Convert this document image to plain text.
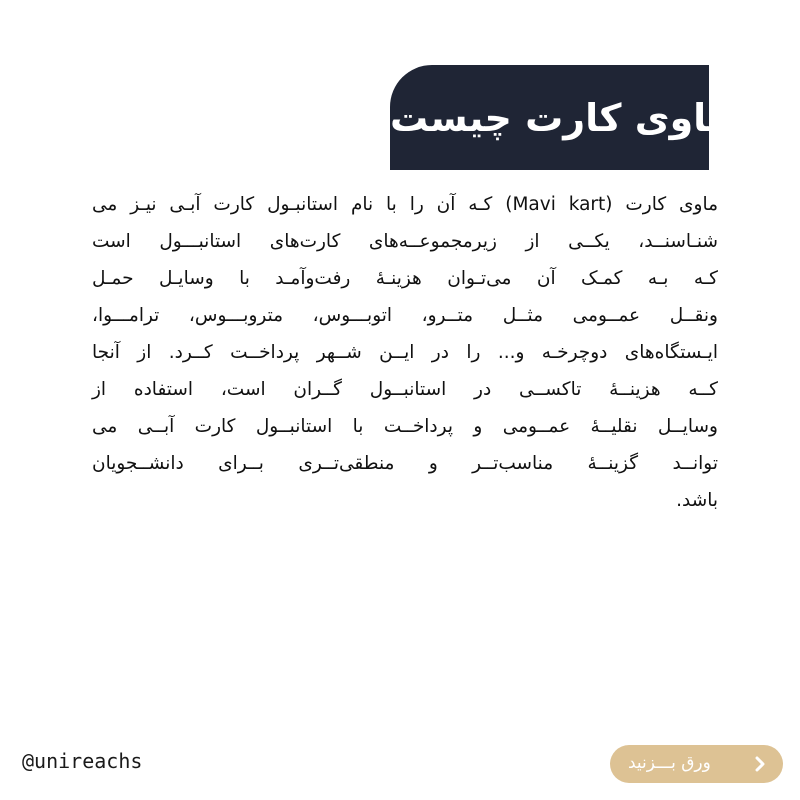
ماوی کارت چیست؟
ماوی کارت (Mavi kart) کـه آن را با نام استانبـول کارت آبـی نیـز می
شنـاسنــد، یکــی از زیرمجموعــه‌های کارت‌های استانبـــول است
کـه بـه کمـک آن می‌تـوان هزینـهٔ رفت‌وآمـد با وسایـل حمـل
ونقــل عمــومی مثــل متــرو، اتوبـــوس، متروبـــوس، ترامـــوا،
ایـستگاه‌های دوچرخـه و... را در ایــن شــهر پرداخــت کــرد. از آنجا
کــه هزینــهٔ تاکســی در استانبــول گــران است، استفاده از
وسایــل نقلیــهٔ عمــومی و پرداخــت با استانبــول کارت آبــی می
توانــد گزینــهٔ مناسب‌تــر و منطقی‌تــری بــرای دانشــجویان
باشد.
@unireachs	ورق بـــزنید
